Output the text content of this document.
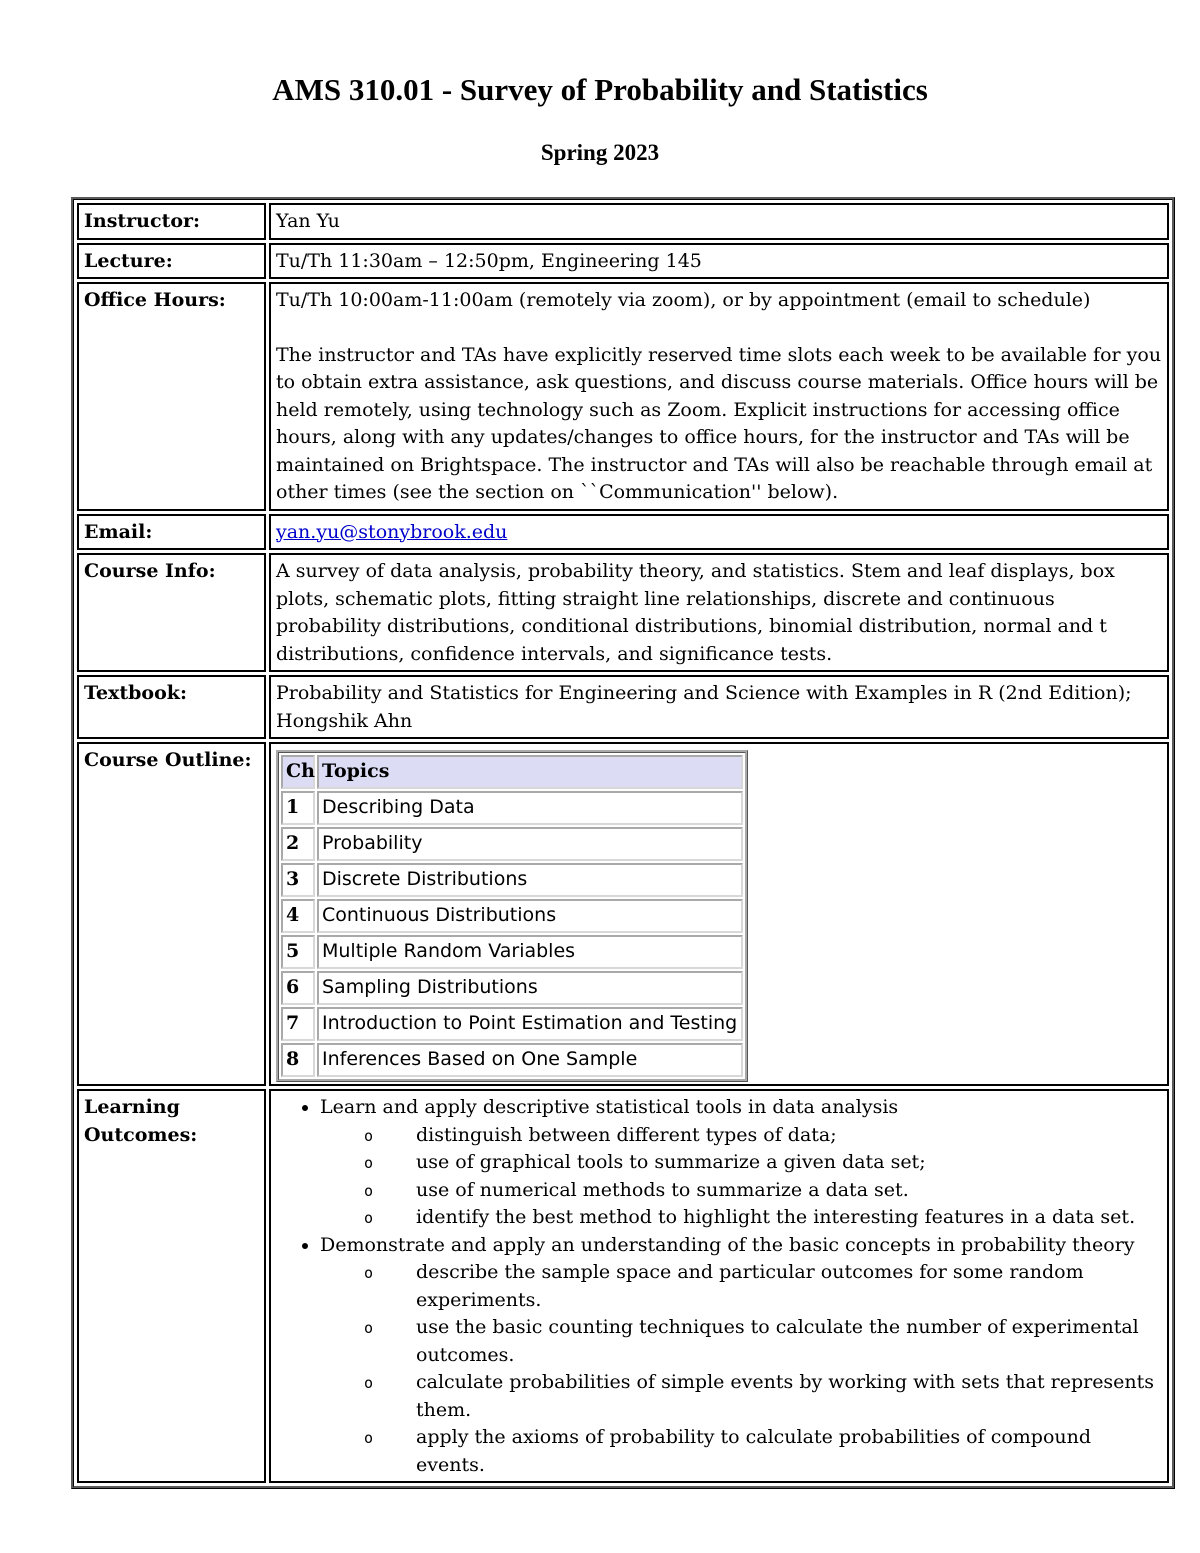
AMS 310.01 - Survey of Probability and Statistics
Spring 2023
Instructor:	Yan Yu
Lecture:	Tu/Th 11:30am – 12:50pm, Engineering 145
Office Hours:	Tu/Th 10:00am-11:00am (remotely via zoom), or by appointment (email to schedule)
The instructor and TAs have explicitly reserved time slots each week to be available for you to obtain extra assistance, ask questions, and discuss course materials. Office hours will be held remotely, using technology such as Zoom. Explicit instructions for accessing office hours, along with any updates/changes to office hours, for the instructor and TAs will be maintained on Brightspace. The instructor and TAs will also be reachable through email at other times (see the section on ``Communication'' below).

Email:	yan.yu@stonybrook.edu
Course Info:	A survey of data analysis, probability theory, and statistics. Stem and leaf displays, box plots, schematic plots, fitting straight line relationships, discrete and continuous probability distributions, conditional distributions, binomial distribution, normal and t distributions, confidence intervals, and significance tests.
Textbook:	Probability and Statistics for Engineering and Science with Examples in R (2nd Edition); Hongshik Ahn
Course Outline:	
Ch	Topics
1	Describing Data
2	Probability
3	Discrete Distributions
4	Continuous Distributions
5	Multiple Random Variables
6	Sampling Distributions
7	Introduction to Point Estimation and Testing
8	Inferences Based on One Sample

Learning
Outcomes:

• Learn and apply descriptive statistical tools in data analysis
o distinguish between different types of data;
o use of graphical tools to summarize a given data set;
o use of numerical methods to summarize a data set.
o identify the best method to highlight the interesting features in a data set.
• Demonstrate and apply an understanding of the basic concepts in probability theory
o describe the sample space and particular outcomes for some random experiments.
o use the basic counting techniques to calculate the number of experimental outcomes.
o calculate probabilities of simple events by working with sets that represents them.
o apply the axioms of probability to calculate probabilities of compound events.
